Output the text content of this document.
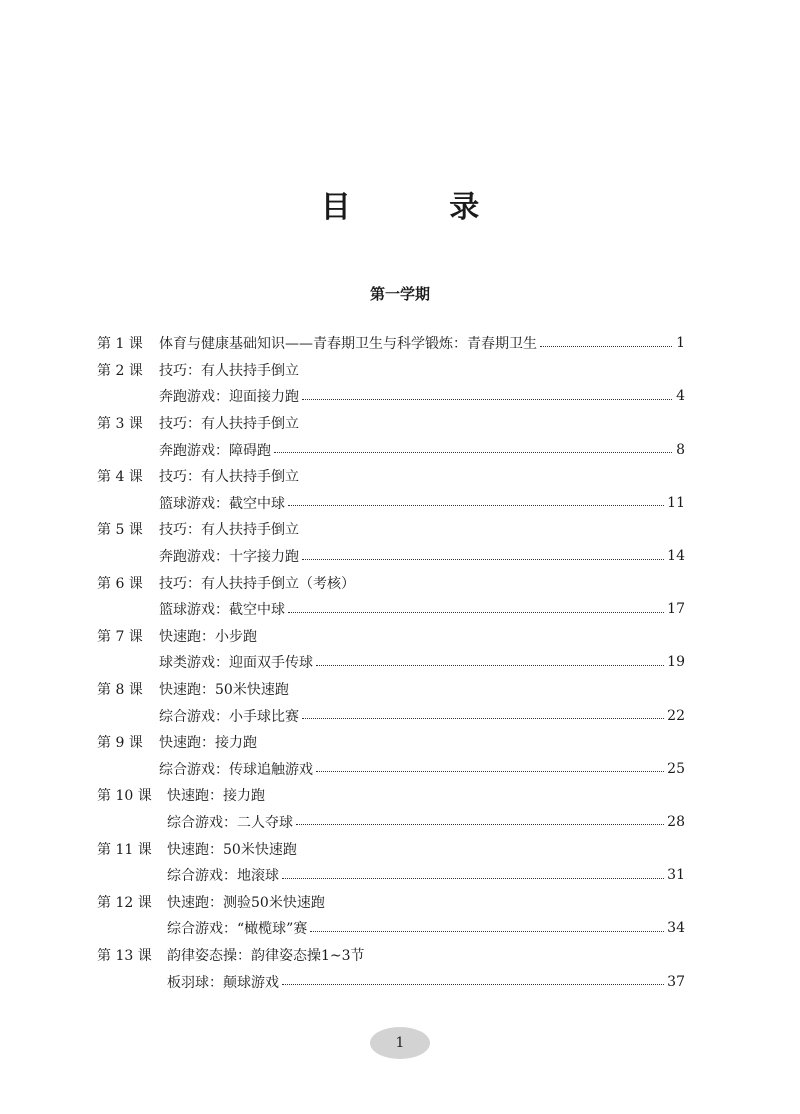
目 录
第一学期
第 1 课	体育与健康基础知识——青春期卫生与科学锻炼：青春期卫生	1
第 2 课	技巧：有人扶持手倒立
奔跑游戏：迎面接力跑	4
第 3 课	技巧：有人扶持手倒立
奔跑游戏：障碍跑	8
第 4 课	技巧：有人扶持手倒立
篮球游戏：截空中球	11
第 5 课	技巧：有人扶持手倒立
奔跑游戏：十字接力跑	14
第 6 课	技巧：有人扶持手倒立（考核）
篮球游戏：截空中球	17
第 7 课	快速跑：小步跑
球类游戏：迎面双手传球	19
第 8 课	快速跑：50米快速跑
综合游戏：小手球比赛	22
第 9 课	快速跑：接力跑
综合游戏：传球追触游戏	25
第 10 课	快速跑：接力跑
综合游戏：二人夺球	28
第 11 课	快速跑：50米快速跑
综合游戏：地滚球	31
第 12 课	快速跑：测验50米快速跑
综合游戏：“橄榄球”赛	34
第 13 课	韵律姿态操：韵律姿态操1~3节
板羽球：颠球游戏	37
1
